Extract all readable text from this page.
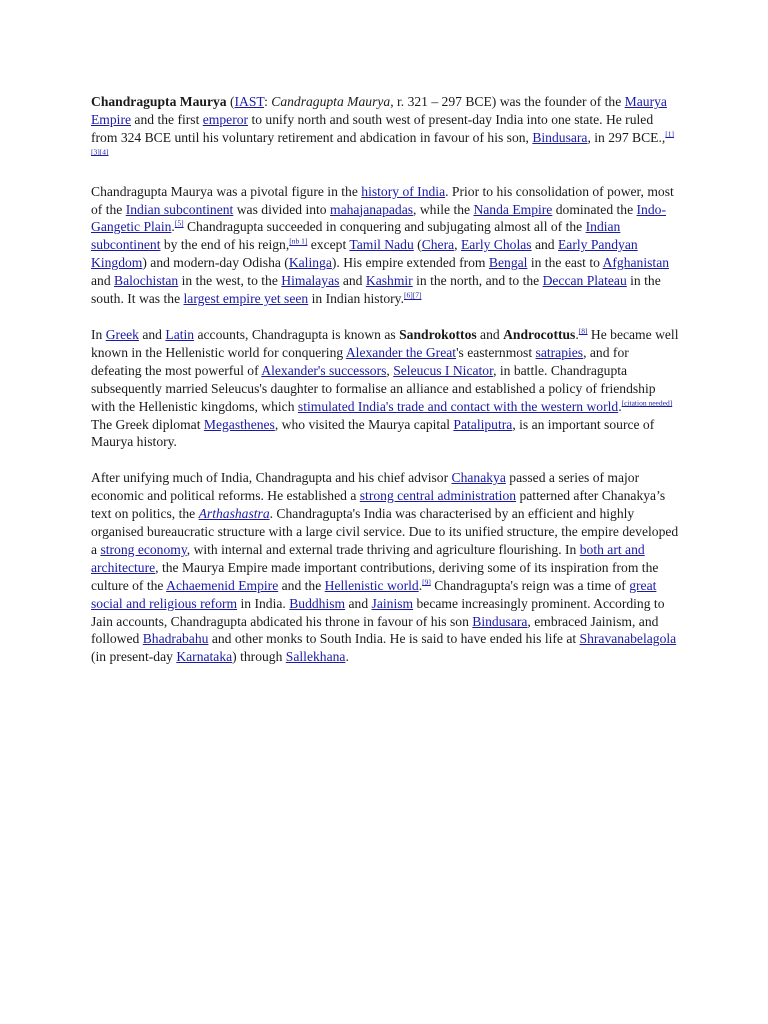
Chandragupta Maurya (IAST: Candragupta Maurya, r. 321 – 297 BCE) was the founder of the Maurya Empire and the first emperor to unify north and south west of present-day India into one state. He ruled from 324 BCE until his voluntary retirement and abdication in favour of his son, Bindusara, in 297 BCE.,[1][3][4]

Chandragupta Maurya was a pivotal figure in the history of India. Prior to his consolidation of power, most of the Indian subcontinent was divided into mahajanapadas, while the Nanda Empire dominated the Indo-Gangetic Plain.[5] Chandragupta succeeded in conquering and subjugating almost all of the Indian subcontinent by the end of his reign,[nb 1] except Tamil Nadu (Chera, Early Cholas and Early Pandyan Kingdom) and modern-day Odisha (Kalinga). His empire extended from Bengal in the east to Afghanistan and Balochistan in the west, to the Himalayas and Kashmir in the north, and to the Deccan Plateau in the south. It was the largest empire yet seen in Indian history.[6][7]

In Greek and Latin accounts, Chandragupta is known as Sandrokottos and Androcottus.[8] He became well known in the Hellenistic world for conquering Alexander the Great's easternmost satrapies, and for defeating the most powerful of Alexander's successors, Seleucus I Nicator, in battle. Chandragupta subsequently married Seleucus's daughter to formalise an alliance and established a policy of friendship with the Hellenistic kingdoms, which stimulated India's trade and contact with the western world.[citation needed] The Greek diplomat Megasthenes, who visited the Maurya capital Pataliputra, is an important source of Maurya history.

After unifying much of India, Chandragupta and his chief advisor Chanakya passed a series of major economic and political reforms. He established a strong central administration patterned after Chanakya’s text on politics, the Arthashastra. Chandragupta's India was characterised by an efficient and highly organised bureaucratic structure with a large civil service. Due to its unified structure, the empire developed a strong economy, with internal and external trade thriving and agriculture flourishing. In both art and architecture, the Maurya Empire made important contributions, deriving some of its inspiration from the culture of the Achaemenid Empire and the Hellenistic world.[9] Chandragupta's reign was a time of great social and religious reform in India. Buddhism and Jainism became increasingly prominent. According to Jain accounts, Chandragupta abdicated his throne in favour of his son Bindusara, embraced Jainism, and followed Bhadrabahu and other monks to South India. He is said to have ended his life at Shravanabelagola (in present-day Karnataka) through Sallekhana.
